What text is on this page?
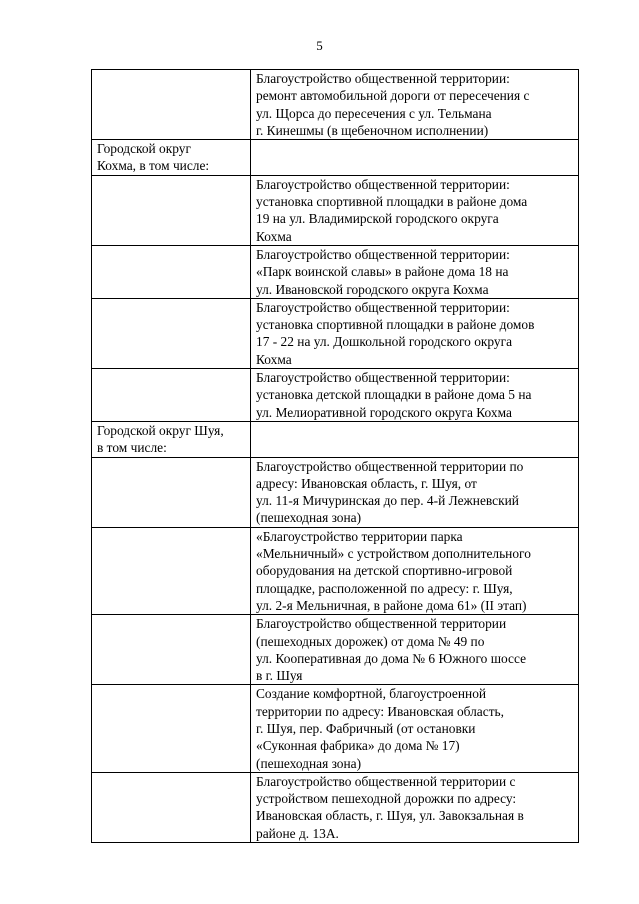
5

	Благоустройство общественной территории:
ремонт автомобильной дороги от пересечения с
ул. Щорса до пересечения с ул. Тельмана
г. Кинешмы (в щебеночном исполнении)

Городской округ
Кохма, в том числе:	

	Благоустройство общественной территории:
установка спортивной площадки в районе дома
19 на ул. Владимирской городского округа
Кохма

	Благоустройство общественной территории:
«Парк воинской славы» в районе дома 18 на
ул. Ивановской городского округа Кохма

	Благоустройство общественной территории:
установка спортивной площадки в районе домов
17 - 22 на ул. Дошкольной городского округа
Кохма

	Благоустройство общественной территории:
установка детской площадки в районе дома 5 на
ул. Мелиоративной городского округа Кохма

Городской округ Шуя,
в том числе:	

	Благоустройство общественной территории по
адресу: Ивановская область, г. Шуя, от
ул. 11-я Мичуринская до пер. 4-й Лежневский
(пешеходная зона)

	«Благоустройство территории парка
«Мельничный» с устройством дополнительного
оборудования на детской спортивно-игровой
площадке, расположенной по адресу: г. Шуя,
ул. 2-я Мельничная, в районе дома 61» (II этап)

	Благоустройство общественной территории
(пешеходных дорожек) от дома № 49 по
ул. Кооперативная до дома № 6 Южного шоссе
в г. Шуя

	Создание комфортной, благоустроенной
территории по адресу: Ивановская область,
г. Шуя, пер. Фабричный (от остановки
«Суконная фабрика» до дома № 17)
(пешеходная зона)

	Благоустройство общественной территории с
устройством пешеходной дорожки по адресу:
Ивановская область, г. Шуя, ул. Завокзальная в
районе д. 13А.
